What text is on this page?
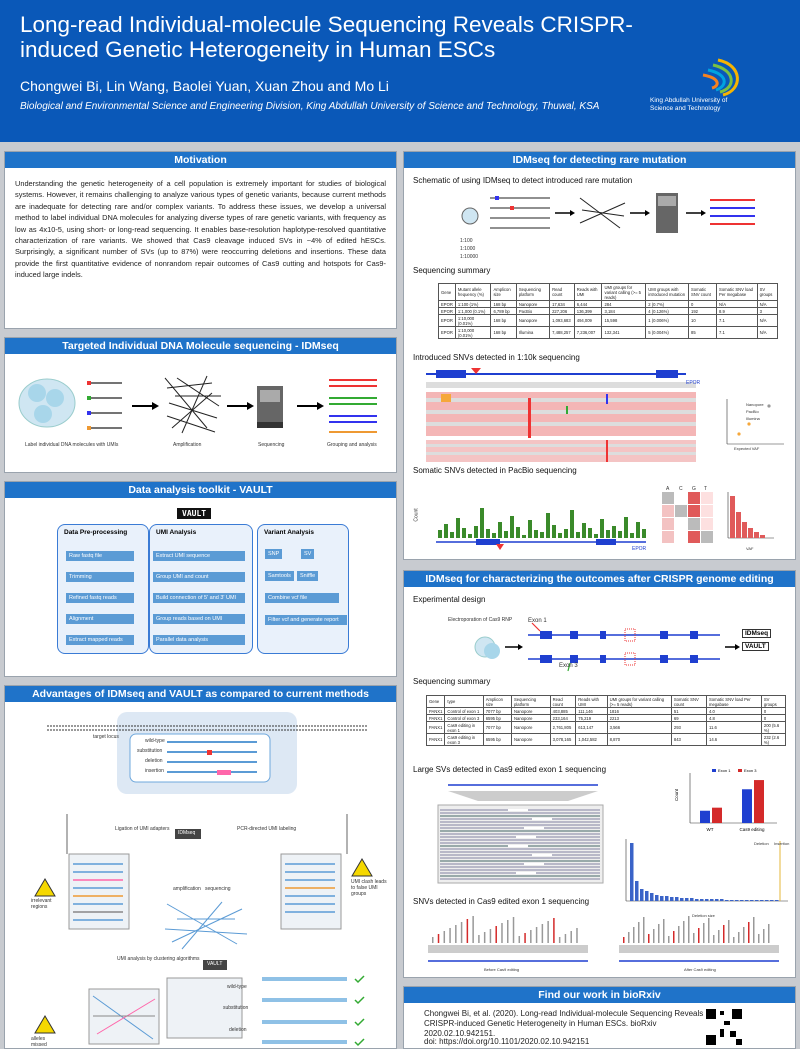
Long-read Individual-molecule Sequencing Reveals CRISPR-induced Genetic Heterogeneity in Human ESCs
Chongwei Bi, Lin Wang, Baolei Yuan, Xuan Zhou and Mo Li
Biological and Environmental Science and Engineering Division, King Abdullah University of Science and Technology, Thuwal, KSA
King Abdullah University of Science and Technology
Motivation
Understanding the genetic heterogeneity of a cell population is extremely important for studies of biological systems. However, it remains challenging to analyze various types of genetic variants, because current methods are inadequate for detecting rare and/or complex variants. To address these issues, we develop a universal method to label individual DNA molecules for analyzing diverse types of rare genetic variants, with frequency as low as 4x10-5, using short- or long-read sequencing. It enables base-resolution haplotype-resolved quantitative characterization of rare variants. We showed that Cas9 cleavage induced SVs in ~4% of edited hESCs. Surprisingly, a significant number of SVs (up to 87%) were reoccurring deletions and insertions. These data provide the first quantitative evidence of nonrandom repair outcomes of Cas9 cutting and hotspots for Cas9-induced large indels.
Targeted Individual DNA Molecule sequencing - IDMseq
Label individual DNA molecules with UMIs	Amplification	Sequencing	Grouping and analysis
Data analysis toolkit - VAULT
VAULT
Data Pre-processing
Raw fastq file
Trimming
Refined fastq reads
Alignment
Extract mapped reads
UMI Analysis
Extract UMI sequence
Group UMI and count
Build connection of 5' and 3' UMI
Group reads based on UMI
Parallel data analysis
Variant Analysis
SNP	SV
Samtools	Sniffle
Combine vcf file
Filter vcf and generate report
Advantages of IDMseq and VAULT as compared to current methods
target locus
wild-type
substitution
deletion
insertion
Ligation of UMI adapters	PCR-directed UMI labeling
IDMseq
amplification sequencing
irrelevant regions
UMI clash leads to false UMI groups
UMI analysis by clustering algorithms
VAULT
alleles missed
wild-type
substitution
deletion
IDMseq for detecting rare mutation
Schematic of using IDMseq to detect introduced rare mutation
1:100
1:1000
1:10000
Sequencing summary
Gene	Mutant allele frequency (%)	Amplicon size	Sequencing platform	Read count	Reads with UMI	UMI groups for variant calling (>= 5 reads)	UMI groups with introduced mutation	Somatic SNV count	Somatic SNV load Per megabase	SV groups
EPOR	1:100 (1%)	168 bp	Nanopore	17,634	6,444	284	2 (0.7%)	0	N/A	N/A
EPOR	1:1,000 (0.1%)	6,789 bp	PacBio	227,206	136,399	3,184	4 (0.126%)	192	8.9	3
EPOR	1:10,000 (0.01%)	168 bp	Nanopore	1,093,683	494,009	15,598	1 (0.006%)	10	7.1	N/A
EPOR	1:10,000 (0.01%)	168 bp	Illumina	7,488,257	7,236,007	132,341	5 (0.004%)	85	7.1	N/A
Introduced SNVs detected in 1:10k sequencing
EPOR
Nanopore
PacBio
Illumina
Expected VAF
Somatic SNVs detected in PacBio sequencing
Count
EPOR
A C G T
VAF
IDMseq for characterizing the outcomes after CRISPR genome editing
Experimental design
Electroporation of Cas9 RNP	Exon 1
Exon 3
IDMseq
VAULT
Sequencing summary
Gene	type	Amplicon size	Sequencing platform	Read count	Reads with UMI	UMI groups for variant calling (>= 5 reads)	Somatic SNV count	Somatic SNV load Per megabase	SV groups
PANX1	Control of exon 1	7077 bp	Nanopore	403,885	111,146	1816	51	4.0	0
PANX1	Control of exon 3	6595 bp	Nanopore	233,164	75,219	2213	69	4.8	0
PANX1	Cas9 editing in exon 1	7077 bp	Nanopore	2,761,805	613,147	3,566	293	11.6	200 (5.6 %)
PANX1	Cas9 editing in exon 3	6595 bp	Nanopore	3,078,165	1,042,582	8,870	843	14.6	232 (2.6 %)
Large SVs detected in Cas9 edited exon 1 sequencing
WT	Cas9 editing
Exon 1	Exon 3
Count
Deletion Insertion
Deletion size
SNVs detected in Cas9 edited exon 1 sequencing
Before Cas9 editing	After Cas9 editing
Find our work in bioRxiv
Chongwei Bi, et al. (2020). Long-read Individual-molecule Sequencing Reveals CRISPR-induced Genetic Heterogeneity in Human ESCs. bioRxiv 2020.02.10.942151.
doi: https://doi.org/10.1101/2020.02.10.942151
